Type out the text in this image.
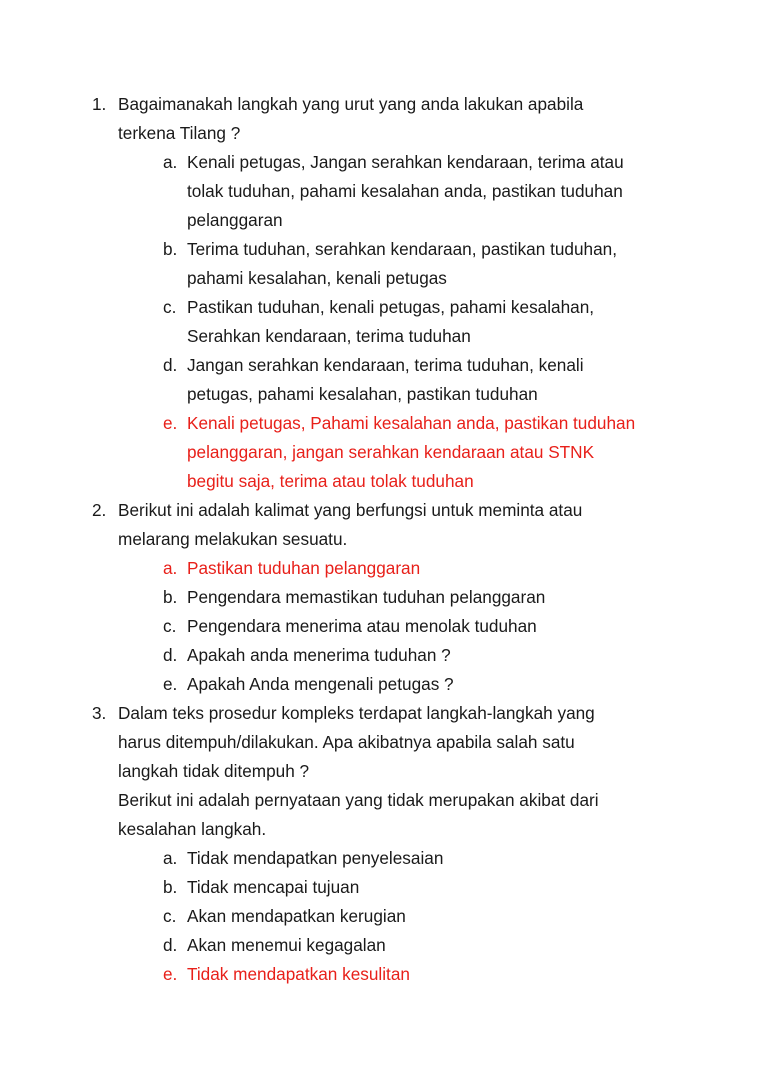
1. Bagaimanakah langkah yang urut yang anda lakukan apabila
terkena Tilang ?
a. Kenali petugas, Jangan serahkan kendaraan, terima atau
tolak tuduhan, pahami kesalahan anda, pastikan tuduhan
pelanggaran
b. Terima tuduhan, serahkan kendaraan, pastikan tuduhan,
pahami kesalahan, kenali petugas
c. Pastikan tuduhan, kenali petugas, pahami kesalahan,
Serahkan kendaraan, terima tuduhan
d. Jangan serahkan kendaraan, terima tuduhan, kenali
petugas, pahami kesalahan, pastikan tuduhan
e. Kenali petugas, Pahami kesalahan anda, pastikan tuduhan
pelanggaran, jangan serahkan kendaraan atau STNK
begitu saja, terima atau tolak tuduhan
2. Berikut ini adalah kalimat yang berfungsi untuk meminta atau
melarang melakukan sesuatu.
a. Pastikan tuduhan pelanggaran
b. Pengendara memastikan tuduhan pelanggaran
c. Pengendara menerima atau menolak tuduhan
d. Apakah anda menerima tuduhan ?
e. Apakah Anda mengenali petugas ?
3. Dalam teks prosedur kompleks terdapat langkah-langkah yang
harus ditempuh/dilakukan. Apa akibatnya apabila salah satu
langkah tidak ditempuh ?
Berikut ini adalah pernyataan yang tidak merupakan akibat dari
kesalahan langkah.
a. Tidak mendapatkan penyelesaian
b. Tidak mencapai tujuan
c. Akan mendapatkan kerugian
d. Akan menemui kegagalan
e. Tidak mendapatkan kesulitan
